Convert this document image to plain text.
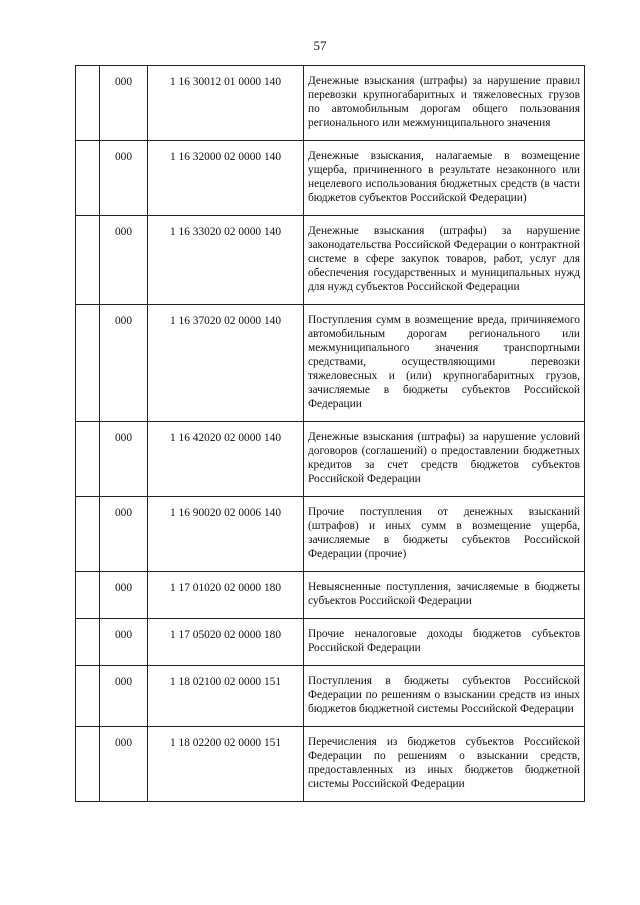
57
	000	1 16 30012 01 0000 140	Денежные взыскания (штрафы) за нарушение правил перевозки крупногабаритных и тяжеловесных грузов по автомобильным дорогам общего пользования регионального или межмуниципального значения
	000	1 16 32000 02 0000 140	Денежные взыскания, налагаемые в возмещение ущерба, причиненного в результате незаконного или нецелевого использования бюджетных средств (в части бюджетов субъектов Российской Федерации)
	000	1 16 33020 02 0000 140	Денежные взыскания (штрафы) за нарушение законодательства Российской Федерации о контрактной системе в сфере закупок товаров, работ, услуг для обеспечения государственных и муниципальных нужд для нужд субъектов Российской Федерации
	000	1 16 37020 02 0000 140	Поступления сумм в возмещение вреда, причиняемого автомобильным дорогам регионального или межмуниципального значения транспортными средствами, осуществляющими перевозки тяжеловесных и (или) крупногабаритных грузов, зачисляемые в бюджеты субъектов Российской Федерации
	000	1 16 42020 02 0000 140	Денежные взыскания (штрафы) за нарушение условий договоров (соглашений) о предоставлении бюджетных кредитов за счет средств бюджетов субъектов Российской Федерации
	000	1 16 90020 02 0006 140	Прочие поступления от денежных взысканий (штрафов) и иных сумм в возмещение ущерба, зачисляемые в бюджеты субъектов Российской Федерации (прочие)
	000	1 17 01020 02 0000 180	Невыясненные поступления, зачисляемые в бюджеты субъектов Российской Федерации
	000	1 17 05020 02 0000 180	Прочие неналоговые доходы бюджетов субъектов Российской Федерации
	000	1 18 02100 02 0000 151	Поступления в бюджеты субъектов Российской Федерации по решениям о взыскании средств из иных бюджетов бюджетной системы Российской Федерации
	000	1 18 02200 02 0000 151	Перечисления из бюджетов субъектов Российской Федерации по решениям о взыскании средств, предоставленных из иных бюджетов бюджетной системы Российской Федерации
